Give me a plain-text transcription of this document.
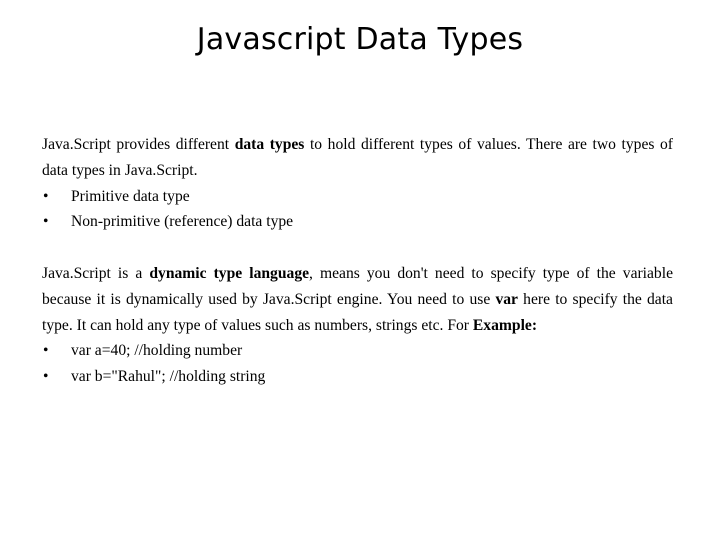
Javascript Data Types

Java.Script provides different data types to hold different types of values. There are two types of data types in Java.Script.

•	Primitive data type
•	Non-primitive (reference) data type

Java.Script is a dynamic type language, means you don't need to specify type of the variable because it is dynamically used by Java.Script engine. You need to use var here to specify the data type. It can hold any type of values such as numbers, strings etc. For Example:

•	var a=40; //holding number
•	var b="Rahul"; //holding string
